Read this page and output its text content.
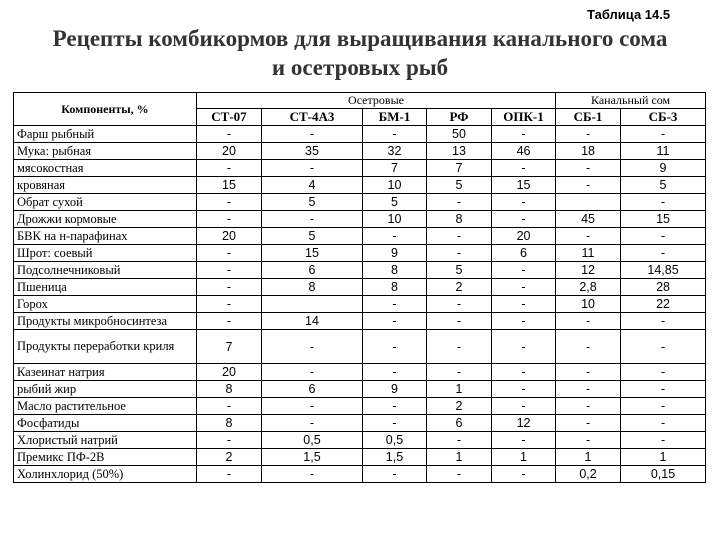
Таблица 14.5
Рецепты комбикормов для выращивания канального сома
и осетровых рыб
Компоненты, %	Осетровые					Канальный сом	
	СТ-07	СТ-4А3	БМ-1	РФ	ОПК-1	СБ-1	СБ-3
Фарш рыбный	-	-	-	50	-	-	-
Мука: рыбная	20	35	32	13	46	18	11
мясокостная	-	-	7	7	-	-	9
кровяная	15	4	10	5	15	-	5
Обрат сухой	-	5	5	-	-		-
Дрожжи кормовые	-	-	10	8	-	45	15
БВК на н-парафинах	20	5	-	-	20	-	-
Шрот: соевый	-	15	9	-	6	11	-
Подсолнечниковый	-	6	8	5	-	12	14,85
Пшеница	-	8	8	2	-	2,8	28
Горох	-		-	-	-	10	22
Продукты микробносинтеза	-	14	-	-	-	-	-
Продукты переработки криля	7	-	-	-	-	-	-
Казеинат натрия	20	-	-	-	-	-	-
рыбий жир	8	6	9	1	-	-	-
Масло растительное	-	-	-	2	-	-	-
Фосфатиды	8	-	-	6	12	-	-
Хлористый натрий	-	0,5	0,5	-	-	-	-
Премикс ПФ-2В	2	1,5	1,5	1	1	1	1
Холинхлорид (50%)	-	-	-	-	-	0,2	0,15
